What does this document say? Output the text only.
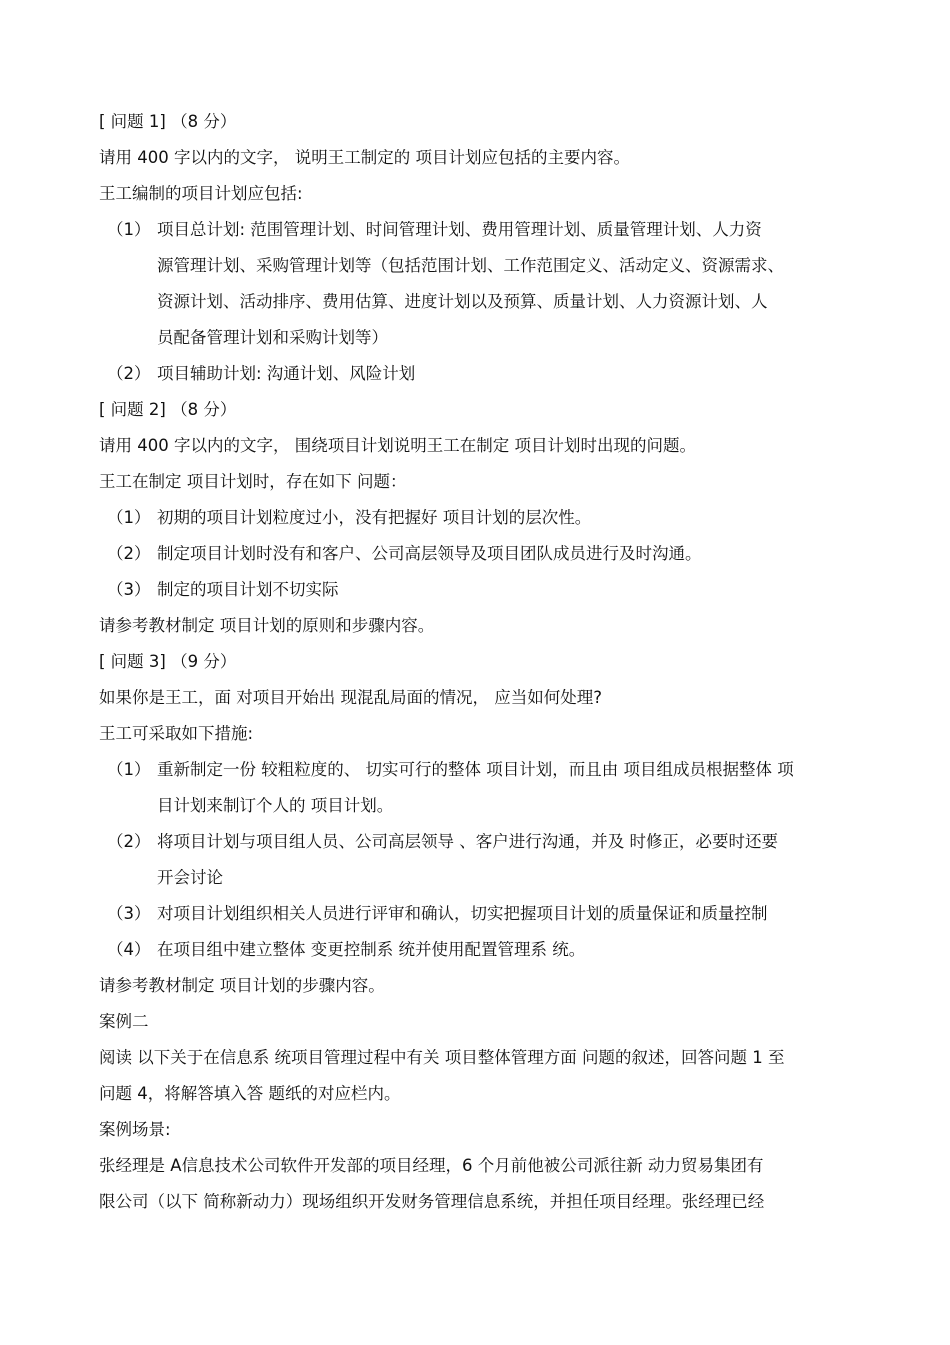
[ 问题 1] （8 分）
请用 400 字以内的文字， 说明王工制定的 项目计划应包括的主要内容。
王工编制的项目计划应包括:
（1） 项目总计划: 范围管理计划、时间管理计划、费用管理计划、质量管理计划、人力资
源管理计划、采购管理计划等（包括范围计划、工作范围定义、活动定义、资源需求、
资源计划、活动排序、费用估算、进度计划以及预算、质量计划、人力资源计划、人
员配备管理计划和采购计划等）
（2） 项目辅助计划: 沟通计划、风险计划
[ 问题 2] （8 分）
请用 400 字以内的文字， 围绕项目计划说明王工在制定 项目计划时出现的问题。
王工在制定 项目计划时，存在如下 问题：
（1） 初期的项目计划粒度过小，没有把握好 项目计划的层次性。
（2） 制定项目计划时没有和客户、公司高层领导及项目团队成员进行及时沟通。
（3） 制定的项目计划不切实际
请参考教材制定 项目计划的原则和步骤内容。
[ 问题 3] （9 分）
如果你是王工，面 对项目开始出 现混乱局面的情况， 应当如何处理?
王工可采取如下措施:
（1） 重新制定一份 较粗粒度的、 切实可行的整体 项目计划，而且由 项目组成员根据整体 项
目计划来制订个人的 项目计划。
（2） 将项目计划与项目组人员、公司高层领导 、客户进行沟通，并及 时修正，必要时还要
开会讨论
（3） 对项目计划组织相关人员进行评审和确认，切实把握项目计划的质量保证和质量控制
（4） 在项目组中建立整体 变更控制系 统并使用配置管理系 统。
请参考教材制定 项目计划的步骤内容。
案例二
阅读 以下关于在信息系 统项目管理过程中有关 项目整体管理方面 问题的叙述，回答问题 1 至
问题 4，将解答填入答 题纸的对应栏内。
案例场景:
张经理是 A信息技术公司软件开发部的项目经理，6 个月前他被公司派往新 动力贸易集团有
限公司（以下 简称新动力）现场组织开发财务管理信息系统，并担任项目经理。张经理已经
